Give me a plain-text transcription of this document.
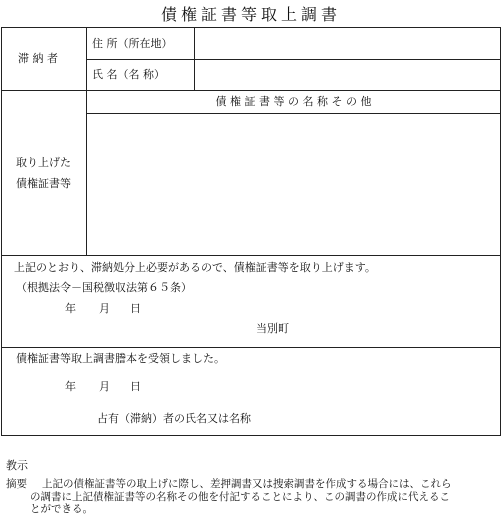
債権証書等取上調書
滞 納 者
住 所（所在地）
氏 名（名 称）
取り上げた
債権証書等
債 権 証 書 等 の 名 称 そ の 他
上記のとおり、滞納処分上必要があるので、債権証書等を取り上げます。
（根拠法令－国税徴収法第６５条）
年 月 日
当別町
債権証書等取上調書謄本を受領しました。
年 月 日
占有（滞納）者の氏名又は名称
教示
摘要 上記の債権証書等の取上げに際し、差押調書又は捜索調書を作成する場合には、これら
の調書に上記債権証書等の名称その他を付記することにより、この調書の作成に代えるこ
とができる。
